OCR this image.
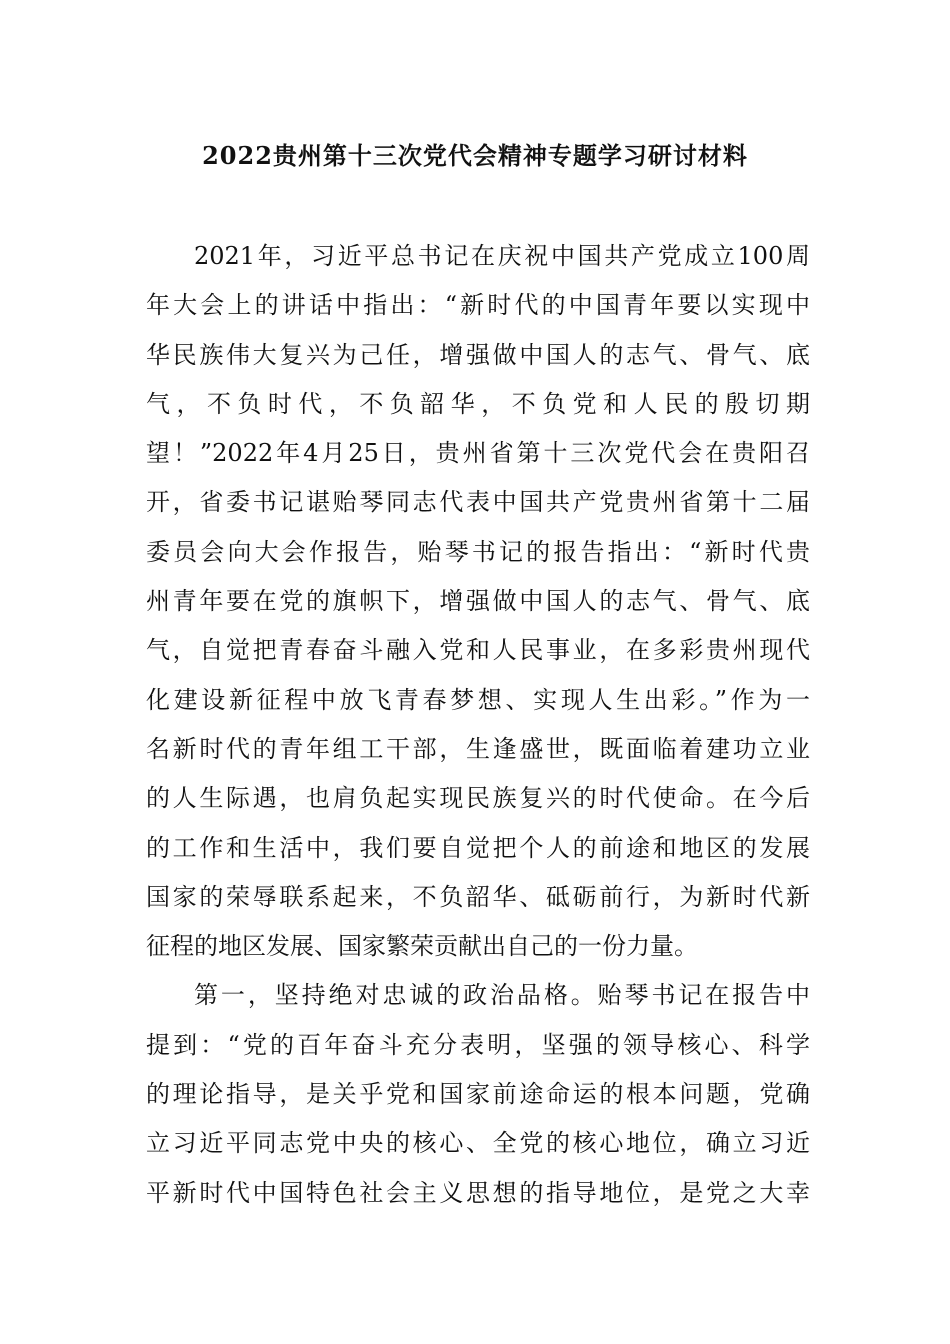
2022贵州第十三次党代会精神专题学习研讨材料
2021年，习近平总书记在庆祝中国共产党成立100周
年大会上的讲话中指出：“新时代的中国青年要以实现中
华民族伟大复兴为己任，增强做中国人的志气、骨气、底
气，不负时代，不负韶华，不负党和人民的殷切期
望！”2022年4月25日，贵州省第十三次党代会在贵阳召
开，省委书记谌贻琴同志代表中国共产党贵州省第十二届
委员会向大会作报告，贻琴书记的报告指出：“新时代贵
州青年要在党的旗帜下，增强做中国人的志气、骨气、底
气，自觉把青春奋斗融入党和人民事业，在多彩贵州现代
化建设新征程中放飞青春梦想、实现人生出彩。”作为一
名新时代的青年组工干部，生逢盛世，既面临着建功立业
的人生际遇，也肩负起实现民族复兴的时代使命。在今后
的工作和生活中，我们要自觉把个人的前途和地区的发展
国家的荣辱联系起来，不负韶华、砥砺前行，为新时代新
征程的地区发展、国家繁荣贡献出自己的一份力量。
第一，坚持绝对忠诚的政治品格。贻琴书记在报告中
提到：“党的百年奋斗充分表明，坚强的领导核心、科学
的理论指导，是关乎党和国家前途命运的根本问题，党确
立习近平同志党中央的核心、全党的核心地位，确立习近
平新时代中国特色社会主义思想的指导地位，是党之大幸
